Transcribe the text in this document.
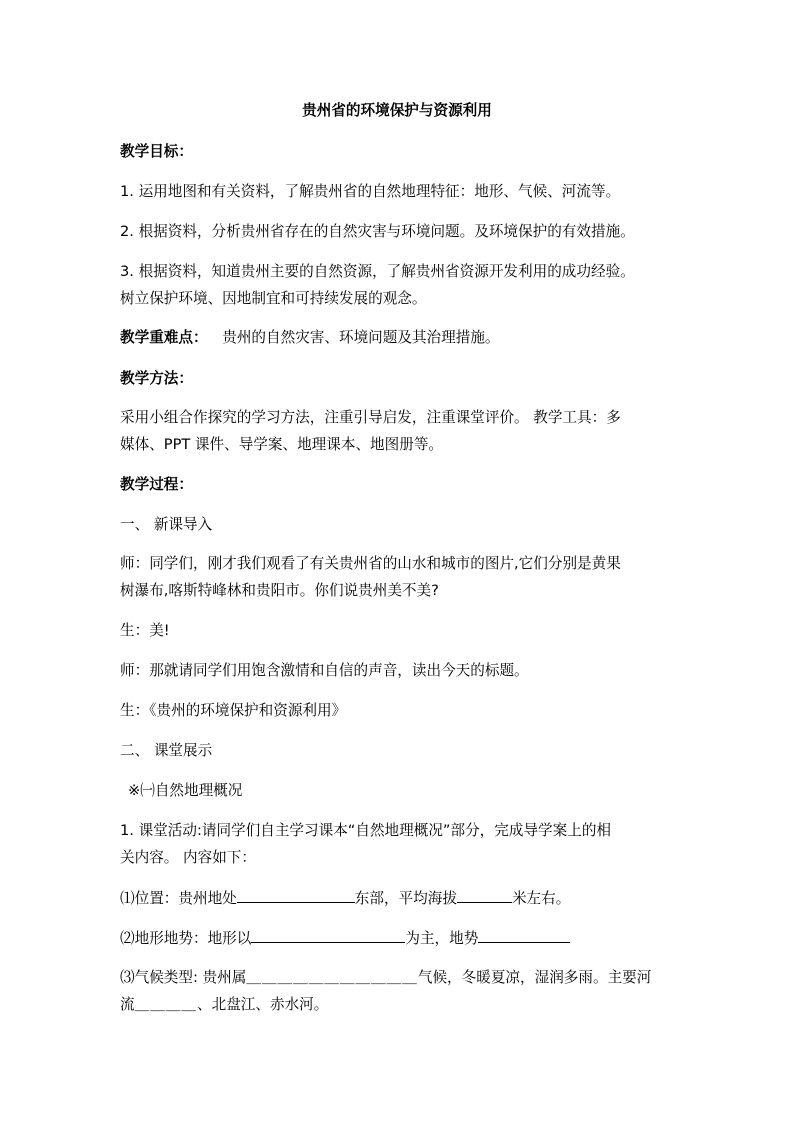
贵州省的环境保护与资源利用
教学目标：
1. 运用地图和有关资料，了解贵州省的自然地理特征：地形、气候、河流等。
2. 根据资料，分析贵州省存在的自然灾害与环境问题。及环境保护的有效措施。
3. 根据资料，知道贵州主要的自然资源，了解贵州省资源开发利用的成功经验。
树立保护环境、因地制宜和可持续发展的观念。
教学重难点： 贵州的自然灾害、环境问题及其治理措施。
教学方法：
采用小组合作探究的学习方法，注重引导启发，注重课堂评价。 教学工具：多
媒体、PPT 课件、导学案、地理课本、地图册等。
教学过程：
一、 新课导入
师：同学们，刚才我们观看了有关贵州省的山水和城市的图片,它们分别是黄果
树瀑布,喀斯特峰林和贵阳市。你们说贵州美不美?
生：美!
师：那就请同学们用饱含激情和自信的声音，读出今天的标题。
生：《贵州的环境保护和资源利用》
二、 课堂展示
※㈠自然地理概况
1. 课堂活动:请同学们自主学习课本“自然地理概况”部分，完成导学案上的相
关内容。 内容如下：
⑴位置：贵州地处	东部，平均海拔	米左右。
⑵地形地势：地形以	为主，地势
⑶气候类型: 贵州属＿＿＿＿＿＿＿＿＿＿＿气候，冬暖夏凉，湿润多雨。主要河
流＿＿＿＿、北盘江、赤水河。
